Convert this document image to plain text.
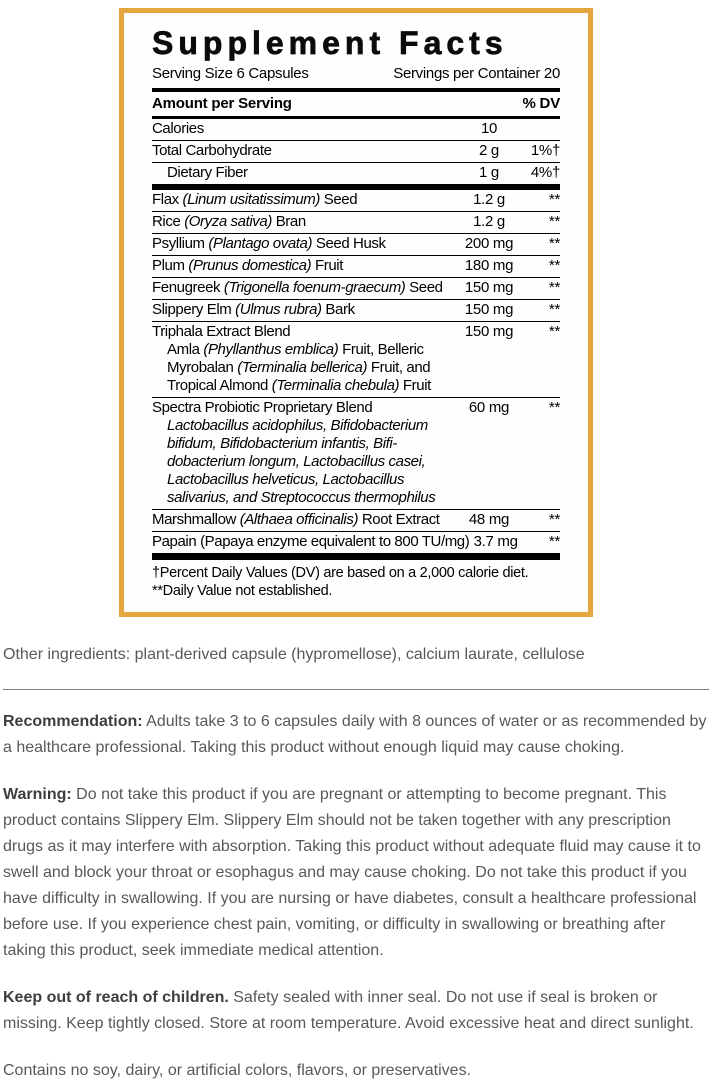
Supplement Facts
Serving Size 6 Capsules	Servings per Container 20
Amount per Serving	% DV
Calories	10
Total Carbohydrate	2 g	1%†
Dietary Fiber	1 g	4%†
Flax (Linum usitatissimum) Seed	1.2 g	**
Rice (Oryza sativa) Bran	1.2 g	**
Psyllium (Plantago ovata) Seed Husk	200 mg	**
Plum (Prunus domestica) Fruit	180 mg	**
Fenugreek (Trigonella foenum-graecum) Seed	150 mg	**
Slippery Elm (Ulmus rubra) Bark	150 mg	**
Triphala Extract Blend	150 mg	**
Amla (Phyllanthus emblica) Fruit, Belleric
Myrobalan (Terminalia bellerica) Fruit, and
Tropical Almond (Terminalia chebula) Fruit
Spectra Probiotic Proprietary Blend	60 mg	**
Lactobacillus acidophilus, Bifidobacterium
bifidum, Bifidobacterium infantis, Bifi-
dobacterium longum, Lactobacillus casei,
Lactobacillus helveticus, Lactobacillus
salivarius, and Streptococcus thermophilus
Marshmallow (Althaea officinalis) Root Extract	48 mg	**
Papain (Papaya enzyme equivalent to 800 TU/mg) 3.7 mg	**
†Percent Daily Values (DV) are based on a 2,000 calorie diet.
**Daily Value not established.

Other ingredients: plant-derived capsule (hypromellose), calcium laurate, cellulose

Recommendation: Adults take 3 to 6 capsules daily with 8 ounces of water or as recommended by a healthcare professional. Taking this product without enough liquid may cause choking.

Warning: Do not take this product if you are pregnant or attempting to become pregnant. This product contains Slippery Elm. Slippery Elm should not be taken together with any prescription drugs as it may interfere with absorption. Taking this product without adequate fluid may cause it to swell and block your throat or esophagus and may cause choking. Do not take this product if you have difficulty in swallowing. If you are nursing or have diabetes, consult a healthcare professional before use. If you experience chest pain, vomiting, or difficulty in swallowing or breathing after taking this product, seek immediate medical attention.

Keep out of reach of children. Safety sealed with inner seal. Do not use if seal is broken or missing. Keep tightly closed. Store at room temperature. Avoid excessive heat and direct sunlight.

Contains no soy, dairy, or artificial colors, flavors, or preservatives.
